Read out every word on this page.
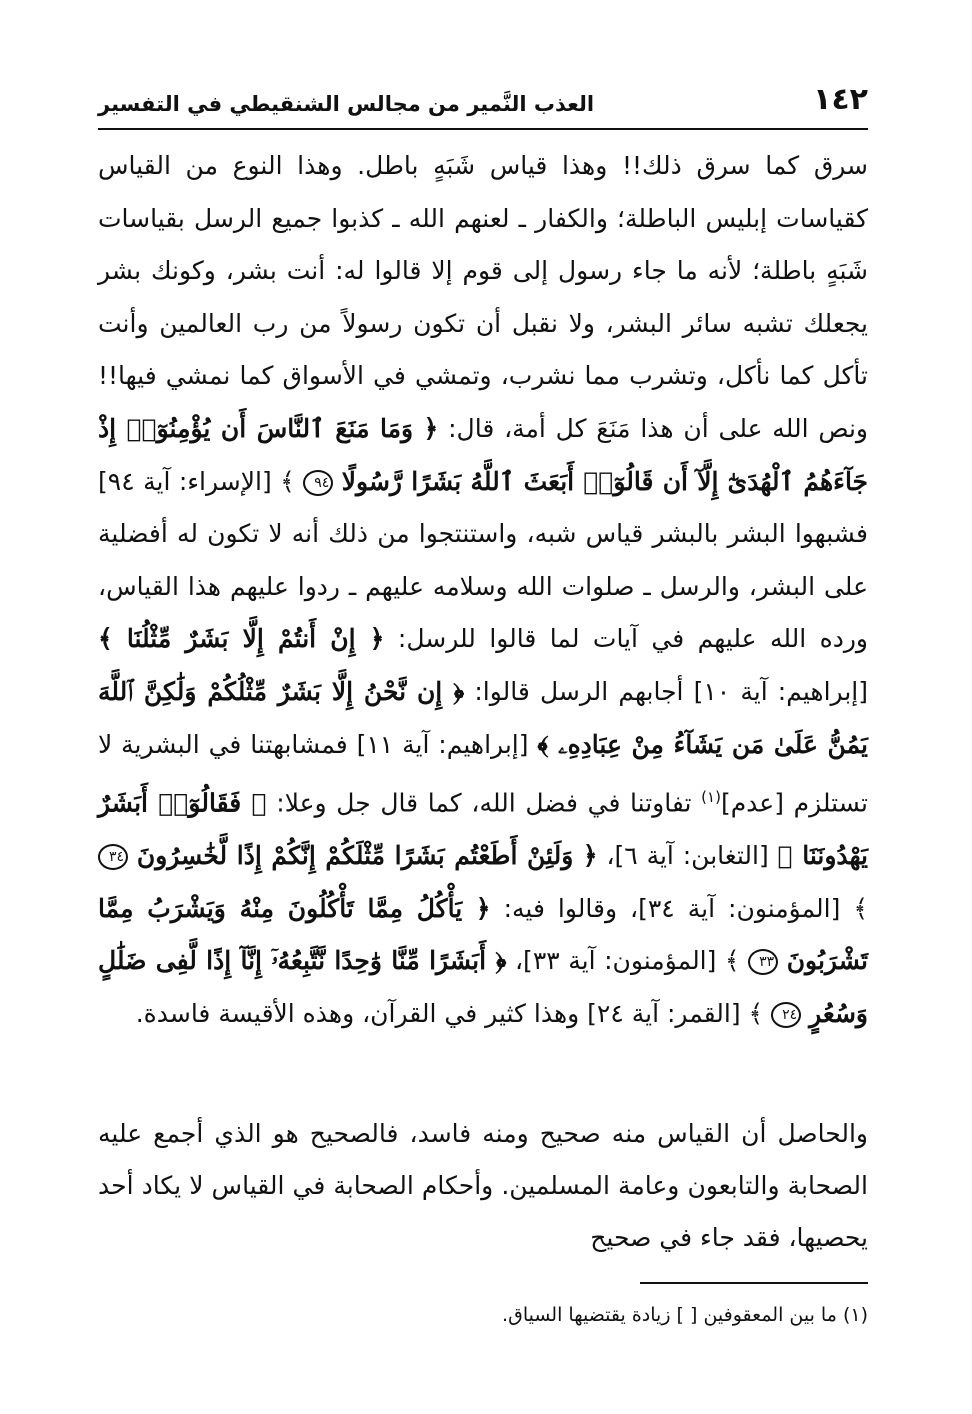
١٤٢
العذب النَّمير من مجالس الشنقيطي في التفسير

سرق كما سرق ذلك!! وهذا قياس شَبَهٍ باطل. وهذا النوع من القياس كقياسات إبليس الباطلة؛ والكفار ـ لعنهم الله ـ كذبوا جميع الرسل بقياسات شَبَهٍ باطلة؛ لأنه ما جاء رسول إلى قوم إلا قالوا له: أنت بشر، وكونك بشر يجعلك تشبه سائر البشر، ولا نقبل أن تكون رسولاً من رب العالمين وأنت تأكل كما نأكل، وتشرب مما نشرب، وتمشي في الأسواق كما نمشي فيها!! ونص الله على أن هذا مَنَعَ كل أمة، قال: ﴿ وَمَا مَنَعَ ٱلنَّاسَ أَن يُؤْمِنُوٓا۟ إِذْ جَآءَهُمُ ٱلْهُدَىٰٓ إِلَّآ أَن قَالُوٓا۟ أَبَعَثَ ٱللَّهُ بَشَرًا رَّسُولًا ٩٤ ﴾ [الإسراء: آية ٩٤] فشبهوا البشر بالبشر قياس شبه، واستنتجوا من ذلك أنه لا تكون له أفضلية على البشر، والرسل ـ صلوات الله وسلامه عليهم ـ ردوا عليهم هذا القياس، ورده الله عليهم في آيات لما قالوا للرسل: ﴿ إِنْ أَنتُمْ إِلَّا بَشَرٌ مِّثْلُنَا ﴾ [إبراهيم: آية ١٠] أجابهم الرسل قالوا: ﴿ إِن نَّحْنُ إِلَّا بَشَرٌ مِّثْلُكُمْ وَلَٰكِنَّ ٱللَّهَ يَمُنُّ عَلَىٰ مَن يَشَآءُ مِنْ عِبَادِهِۦ ﴾ [إبراهيم: آية ١١] فمشابهتنا في البشرية لا تستلزم [عدم]$^{(١)}$ تفاوتنا في فضل الله، كما قال جل وعلا: ﴿ فَقَالُوٓا۟ أَبَشَرٌ يَهْدُونَنَا ﴾ [التغابن: آية ٦]، ﴿ وَلَئِنْ أَطَعْتُم بَشَرًا مِّثْلَكُمْ إِنَّكُمْ إِذًا لَّخَٰسِرُونَ ٣٤ ﴾ [المؤمنون: آية ٣٤]، وقالوا فيه: ﴿ يَأْكُلُ مِمَّا تَأْكُلُونَ مِنْهُ وَيَشْرَبُ مِمَّا تَشْرَبُونَ ٣٣ ﴾ [المؤمنون: آية ٣٣]، ﴿ أَبَشَرًا مِّنَّا وَٰحِدًا نَّتَّبِعُهُۥٓ إِنَّآ إِذًا لَّفِى ضَلَٰلٍ وَسُعُرٍ ٢٤ ﴾ [القمر: آية ٢٤] وهذا كثير في القرآن، وهذه الأقيسة فاسدة.

والحاصل أن القياس منه صحيح ومنه فاسد، فالصحيح هو الذي أجمع عليه الصحابة والتابعون وعامة المسلمين. وأحكام الصحابة في القياس لا يكاد أحد يحصيها، فقد جاء في صحيح

(١) ما بين المعقوفين [ ] زيادة يقتضيها السياق.
